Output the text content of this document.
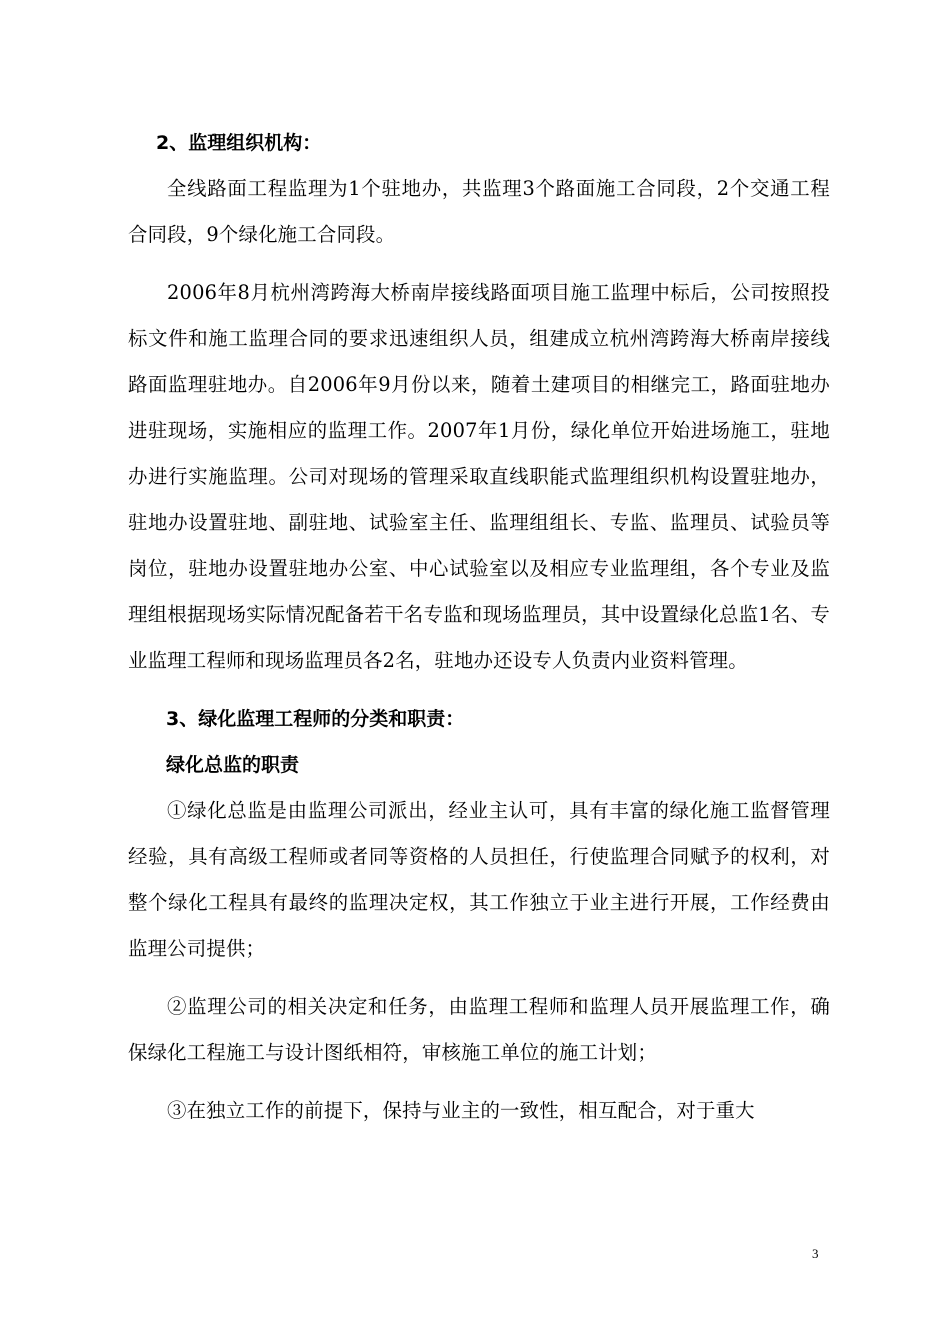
2、监理组织机构：

全线路面工程监理为1个驻地办，共监理3个路面施工合同段，2个交通工程合同段，9个绿化施工合同段。

2006年8月杭州湾跨海大桥南岸接线路面项目施工监理中标后，公司按照投标文件和施工监理合同的要求迅速组织人员，组建成立杭州湾跨海大桥南岸接线路面监理驻地办。自2006年9月份以来，随着土建项目的相继完工，路面驻地办进驻现场，实施相应的监理工作。2007年1月份，绿化单位开始进场施工，驻地办进行实施监理。公司对现场的管理采取直线职能式监理组织机构设置驻地办，驻地办设置驻地、副驻地、试验室主任、监理组组长、专监、监理员、试验员等岗位，驻地办设置驻地办公室、中心试验室以及相应专业监理组，各个专业及监理组根据现场实际情况配备若干名专监和现场监理员，其中设置绿化总监1名、专业监理工程师和现场监理员各2名，驻地办还设专人负责内业资料管理。

3、绿化监理工程师的分类和职责：

绿化总监的职责

①绿化总监是由监理公司派出，经业主认可，具有丰富的绿化施工监督管理经验，具有高级工程师或者同等资格的人员担任，行使监理合同赋予的权利，对整个绿化工程具有最终的监理决定权，其工作独立于业主进行开展，工作经费由监理公司提供；

②监理公司的相关决定和任务，由监理工程师和监理人员开展监理工作，确保绿化工程施工与设计图纸相符，审核施工单位的施工计划；

③在独立工作的前提下，保持与业主的一致性，相互配合，对于重大

3
